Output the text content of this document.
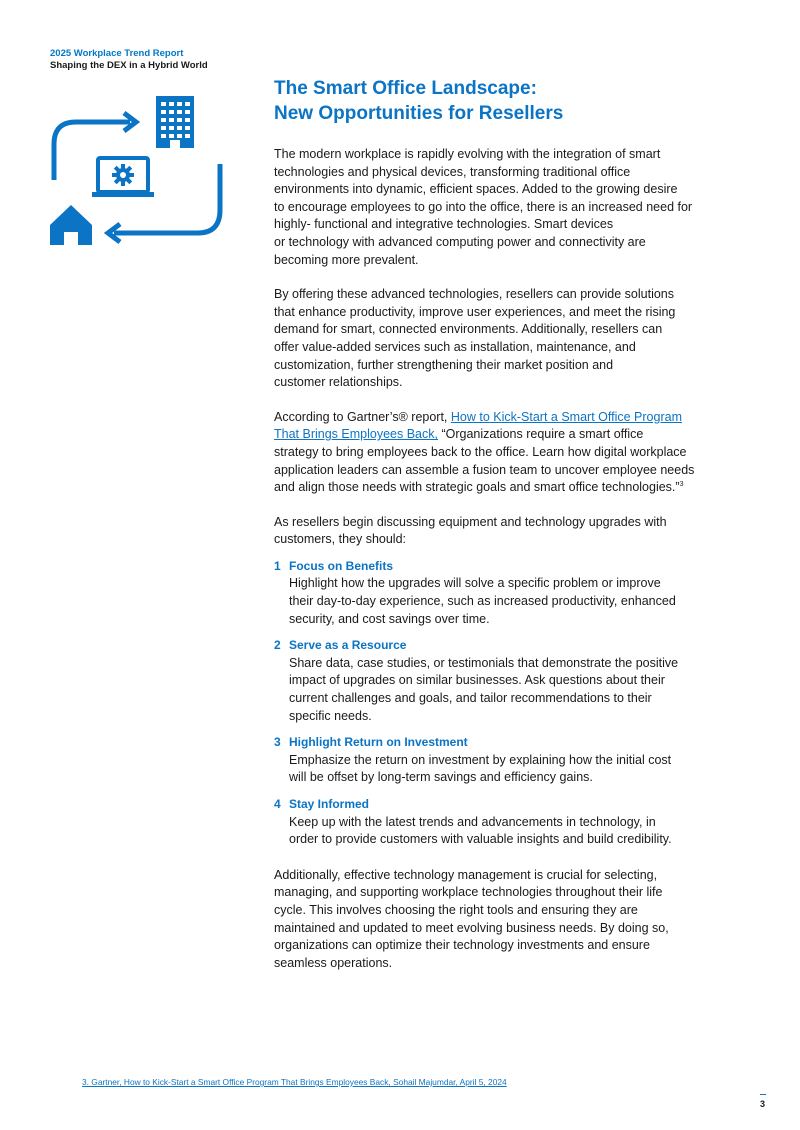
2025 Workplace Trend Report
Shaping the DEX in a Hybrid World
The Smart Office Landscape:
New Opportunities for Resellers
The modern workplace is rapidly evolving with the integration of smart
technologies and physical devices, transforming traditional office
environments into dynamic, efficient spaces. Added to the growing desire
to encourage employees to go into the office, there is an increased need for
highly- functional and integrative technologies. Smart devices
or technology with advanced computing power and connectivity are
becoming more prevalent.
By offering these advanced technologies, resellers can provide solutions
that enhance productivity, improve user experiences, and meet the rising
demand for smart, connected environments. Additionally, resellers can
offer value-added services such as installation, maintenance, and
customization, further strengthening their market position and
customer relationships.
According to Gartner’s® report, How to Kick-Start a Smart Office Program
That Brings Employees Back, “Organizations require a smart office
strategy to bring employees back to the office. Learn how digital workplace
application leaders can assemble a fusion team to uncover employee needs
and align those needs with strategic goals and smart office technologies.”$^3$
As resellers begin discussing equipment and technology upgrades with
customers, they should:
1 Focus on Benefits
Highlight how the upgrades will solve a specific problem or improve
their day-to-day experience, such as increased productivity, enhanced
security, and cost savings over time.
2 Serve as a Resource
Share data, case studies, or testimonials that demonstrate the positive
impact of upgrades on similar businesses. Ask questions about their
current challenges and goals, and tailor recommendations to their
specific needs.
3 Highlight Return on Investment
Emphasize the return on investment by explaining how the initial cost
will be offset by long-term savings and efficiency gains.
4 Stay Informed
Keep up with the latest trends and advancements in technology, in
order to provide customers with valuable insights and build credibility.
Additionally, effective technology management is crucial for selecting,
managing, and supporting workplace technologies throughout their life
cycle. This involves choosing the right tools and ensuring they are
maintained and updated to meet evolving business needs. By doing so,
organizations can optimize their technology investments and ensure
seamless operations.
3. Gartner, How to Kick-Start a Smart Office Program That Brings Employees Back, Sohail Majumdar, April 5, 2024
3
